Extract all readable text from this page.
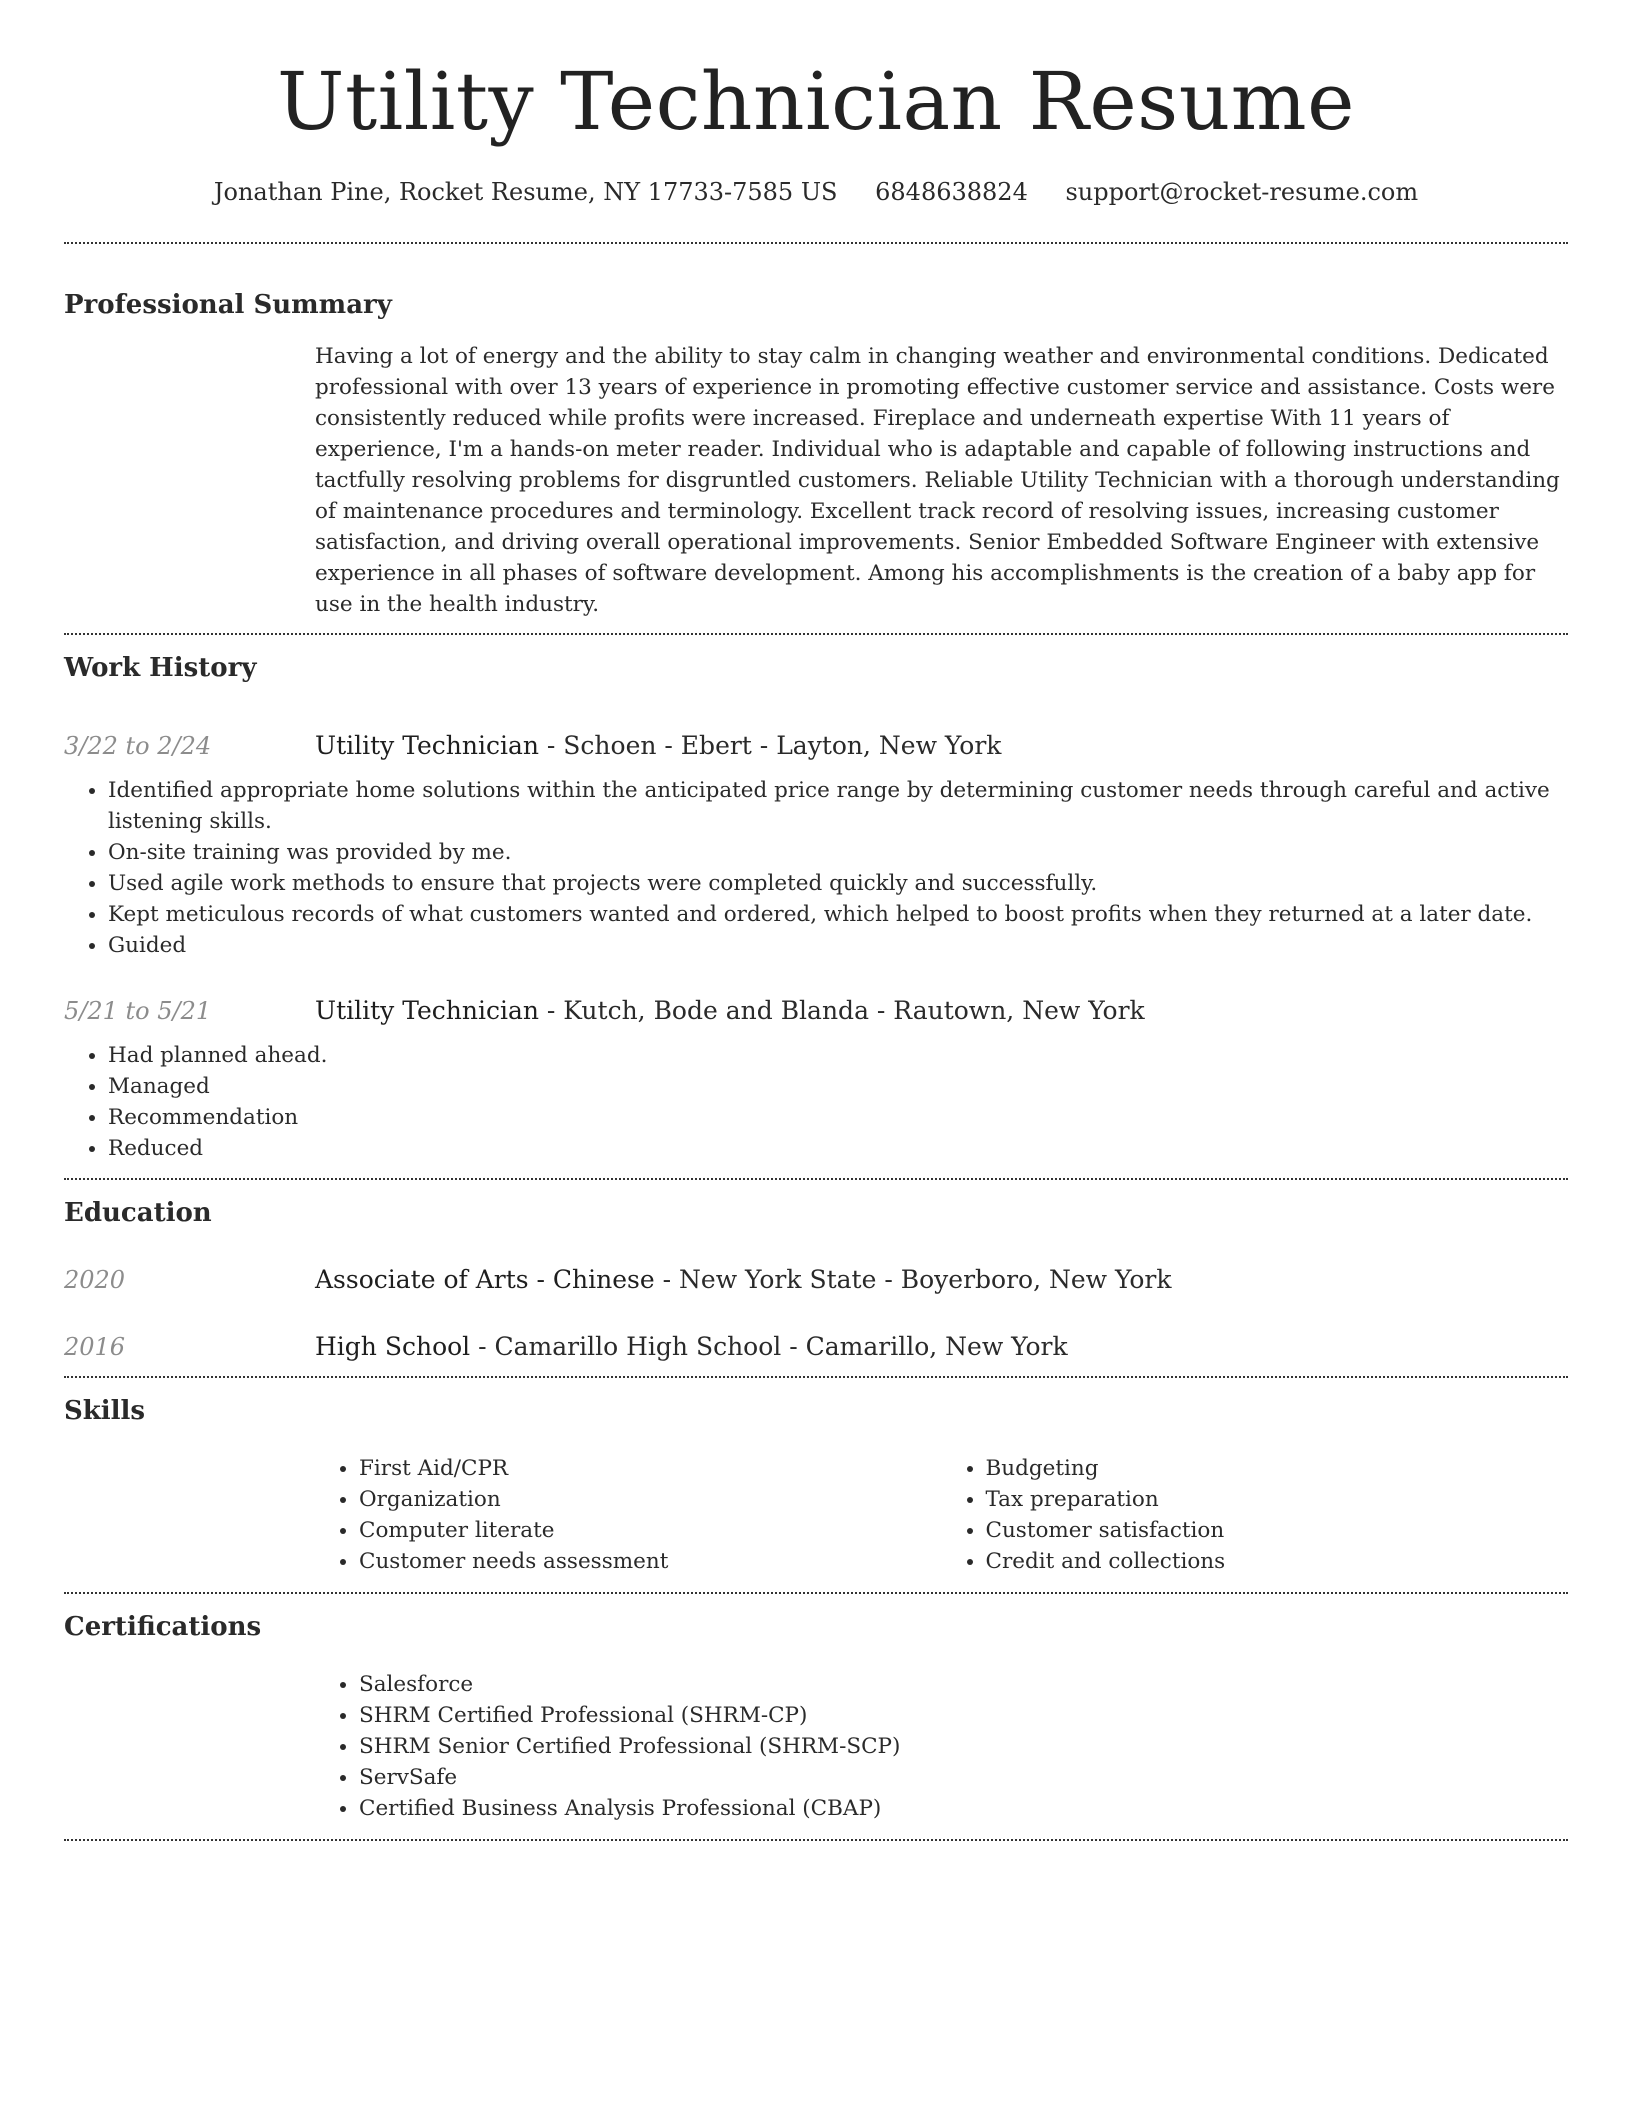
Utility Technician Resume
Jonathan Pine, Rocket Resume, NY 17733-7585 US 6848638824 support@rocket-resume.com
Professional Summary

Having a lot of energy and the ability to stay calm in changing weather and environmental conditions. Dedicated professional with over 13 years of experience in promoting effective customer service and assistance. Costs were consistently reduced while profits were increased. Fireplace and underneath expertise With 11 years of experience, I'm a hands-on meter reader. Individual who is adaptable and capable of following instructions and tactfully resolving problems for disgruntled customers. Reliable Utility Technician with a thorough understanding of maintenance procedures and terminology. Excellent track record of resolving issues, increasing customer satisfaction, and driving overall operational improvements. Senior Embedded Software Engineer with extensive experience in all phases of software development. Among his accomplishments is the creation of a baby app for use in the health industry.

Work History
3/22 to 2/24	Utility Technician - Schoen - Ebert - Layton, New York
• Identified appropriate home solutions within the anticipated price range by determining customer needs through careful and active listening skills.
• On-site training was provided by me.
• Used agile work methods to ensure that projects were completed quickly and successfully.
• Kept meticulous records of what customers wanted and ordered, which helped to boost profits when they returned at a later date.
• Guided
5/21 to 5/21	Utility Technician - Kutch, Bode and Blanda - Rautown, New York
• Had planned ahead.
• Managed
• Recommendation
• Reduced
Education
2020	Associate of Arts - Chinese - New York State - Boyerboro, New York
2016	High School - Camarillo High School - Camarillo, New York
Skills
• First Aid/CPR
• Organization
• Computer literate
• Customer needs assessment
• Budgeting
• Tax preparation
• Customer satisfaction
• Credit and collections
Certifications
• Salesforce
• SHRM Certified Professional (SHRM-CP)
• SHRM Senior Certified Professional (SHRM-SCP)
• ServSafe
• Certified Business Analysis Professional (CBAP)
